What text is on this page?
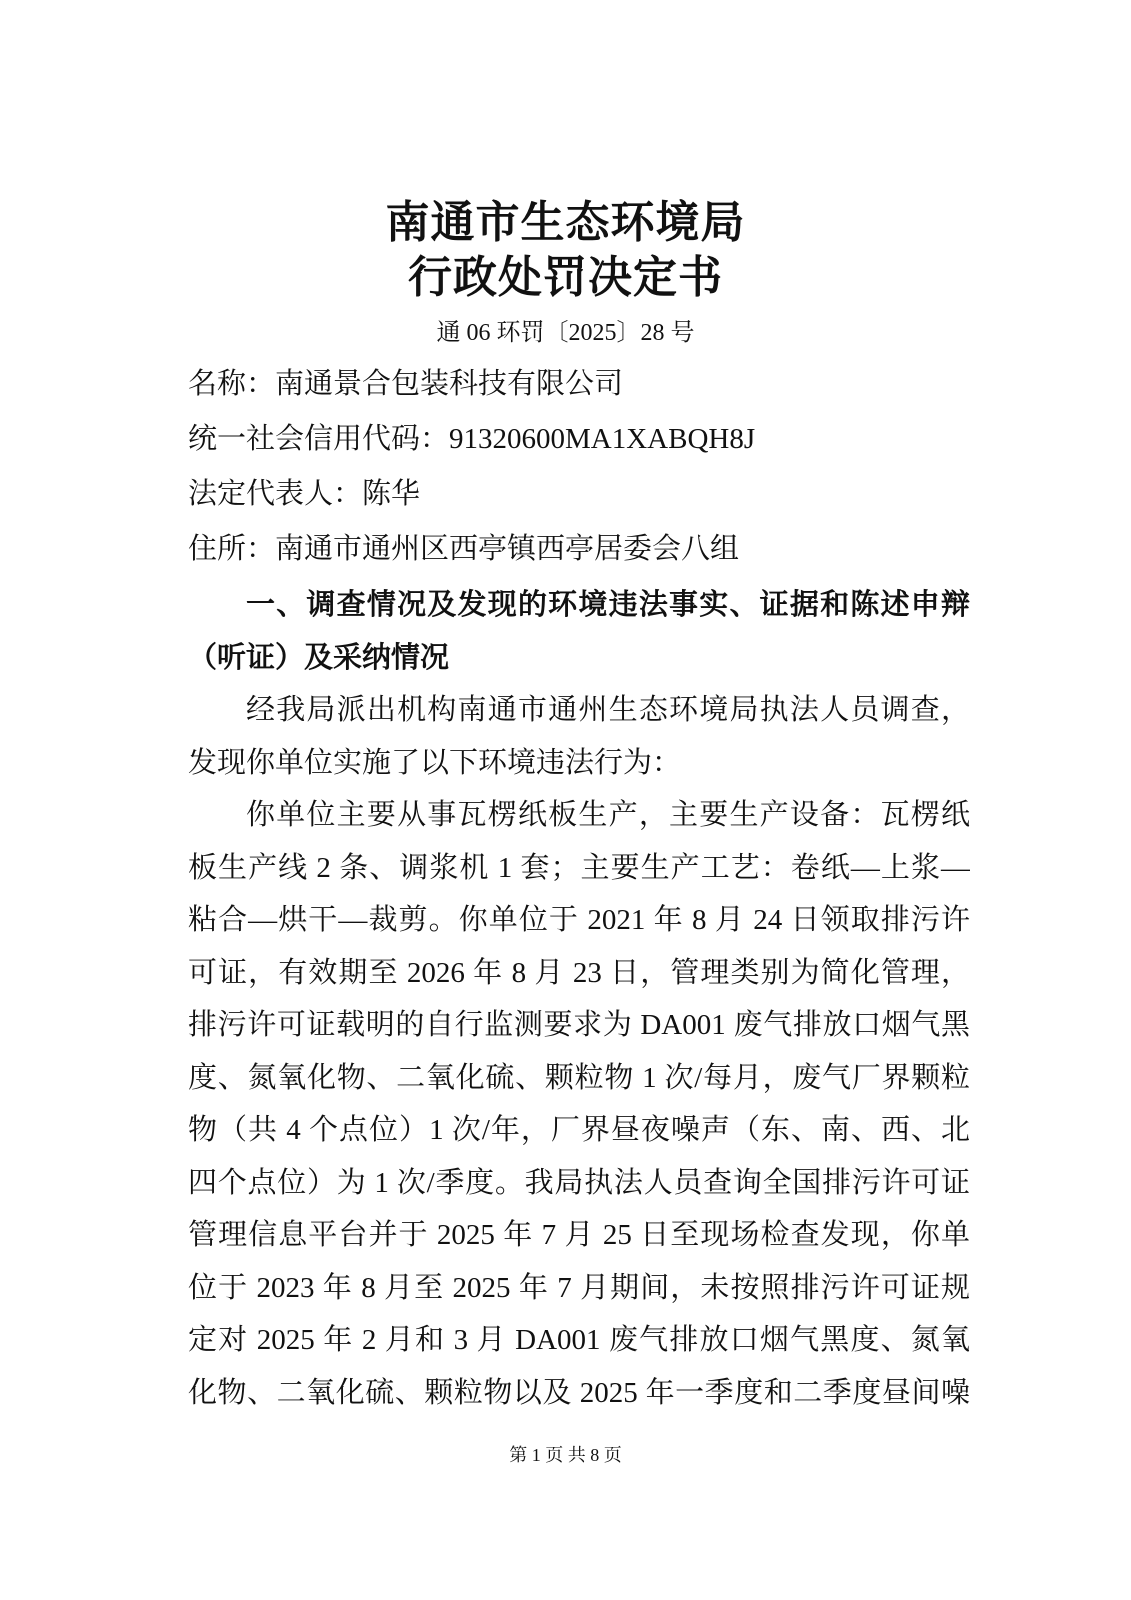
南通市生态环境局
行政处罚决定书
通 06 环罚〔2025〕28 号
名称：南通景合包装科技有限公司
统一社会信用代码：91320600MA1XABQH8J
法定代表人：陈华
住所：南通市通州区西亭镇西亭居委会八组
一、调查情况及发现的环境违法事实、证据和陈述申辩
（听证）及采纳情况
经我局派出机构南通市通州生态环境局执法人员调查，
发现你单位实施了以下环境违法行为：
你单位主要从事瓦楞纸板生产，主要生产设备：瓦楞纸
板生产线 2 条、调浆机 1 套；主要生产工艺：卷纸—上浆—
粘合—烘干—裁剪。你单位于 2021 年 8 月 24 日领取排污许
可证，有效期至 2026 年 8 月 23 日，管理类别为简化管理，
排污许可证载明的自行监测要求为 DA001 废气排放口烟气黑
度、氮氧化物、二氧化硫、颗粒物 1 次/每月，废气厂界颗粒
物（共 4 个点位）1 次/年，厂界昼夜噪声（东、南、西、北
四个点位）为 1 次/季度。我局执法人员查询全国排污许可证
管理信息平台并于 2025 年 7 月 25 日至现场检查发现，你单
位于 2023 年 8 月至 2025 年 7 月期间，未按照排污许可证规
定对 2025 年 2 月和 3 月 DA001 废气排放口烟气黑度、氮氧
化物、二氧化硫、颗粒物以及 2025 年一季度和二季度昼间噪
第 1 页 共 8 页
